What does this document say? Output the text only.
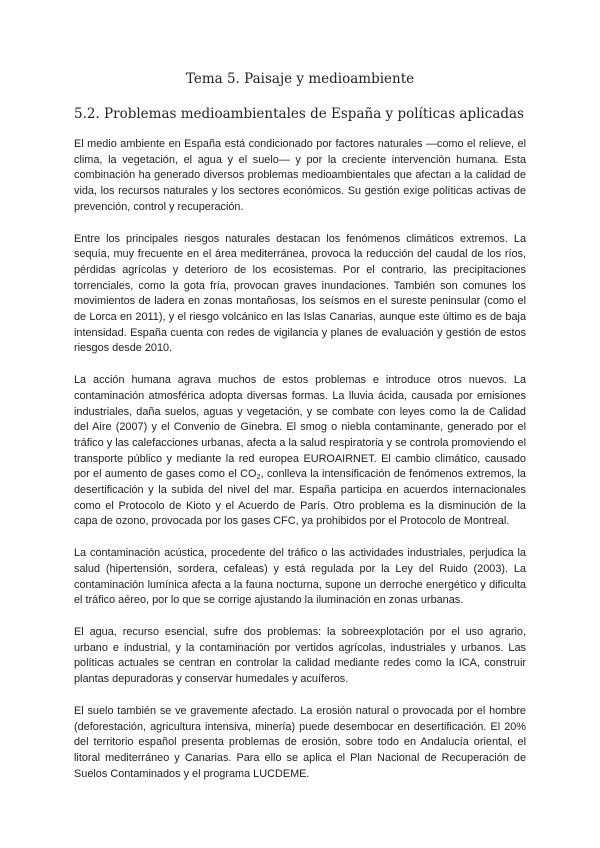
Tema 5. Paisaje y medioambiente
5.2. Problemas medioambientales de España y políticas aplicadas

El medio ambiente en España está condicionado por factores naturales —como el relieve, el clima, la vegetación, el agua y el suelo— y por la creciente intervención humana. Esta combinación ha generado diversos problemas medioambientales que afectan a la calidad de vida, los recursos naturales y los sectores económicos. Su gestión exige políticas activas de prevención, control y recuperación.

Entre los principales riesgos naturales destacan los fenómenos climáticos extremos. La sequía, muy frecuente en el área mediterránea, provoca la reducción del caudal de los ríos, pérdidas agrícolas y deterioro de los ecosistemas. Por el contrario, las precipitaciones torrenciales, como la gota fría, provocan graves inundaciones. También son comunes los movimientos de ladera en zonas montañosas, los seísmos en el sureste peninsular (como el de Lorca en 2011), y el riesgo volcánico en las Islas Canarias, aunque este último es de baja intensidad. España cuenta con redes de vigilancia y planes de evaluación y gestión de estos riesgos desde 2010.

La acción humana agrava muchos de estos problemas e introduce otros nuevos. La contaminación atmosférica adopta diversas formas. La lluvia ácida, causada por emisiones industriales, daña suelos, aguas y vegetación, y se combate con leyes como la de Calidad del Aire (2007) y el Convenio de Ginebra. El smog o niebla contaminante, generado por el tráfico y las calefacciones urbanas, afecta a la salud respiratoria y se controla promoviendo el transporte público y mediante la red europea EUROAIRNET. El cambio climático, causado por el aumento de gases como el CO2, conlleva la intensificación de fenómenos extremos, la desertificación y la subida del nivel del mar. España participa en acuerdos internacionales como el Protocolo de Kioto y el Acuerdo de París. Otro problema es la disminución de la capa de ozono, provocada por los gases CFC, ya prohibidos por el Protocolo de Montreal.

La contaminación acústica, procedente del tráfico o las actividades industriales, perjudica la salud (hipertensión, sordera, cefaleas) y está regulada por la Ley del Ruido (2003). La contaminación lumínica afecta a la fauna nocturna, supone un derroche energético y dificulta el tráfico aéreo, por lo que se corrige ajustando la iluminación en zonas urbanas.

El agua, recurso esencial, sufre dos problemas: la sobreexplotación por el uso agrario, urbano e industrial, y la contaminación por vertidos agrícolas, industriales y urbanos. Las políticas actuales se centran en controlar la calidad mediante redes como la ICA, construir plantas depuradoras y conservar humedales y acuíferos.

El suelo también se ve gravemente afectado. La erosión natural o provocada por el hombre (deforestación, agricultura intensiva, minería) puede desembocar en desertificación. El 20% del territorio español presenta problemas de erosión, sobre todo en Andalucía oriental, el litoral mediterráneo y Canarias. Para ello se aplica el Plan Nacional de Recuperación de Suelos Contaminados y el programa LUCDEME.
